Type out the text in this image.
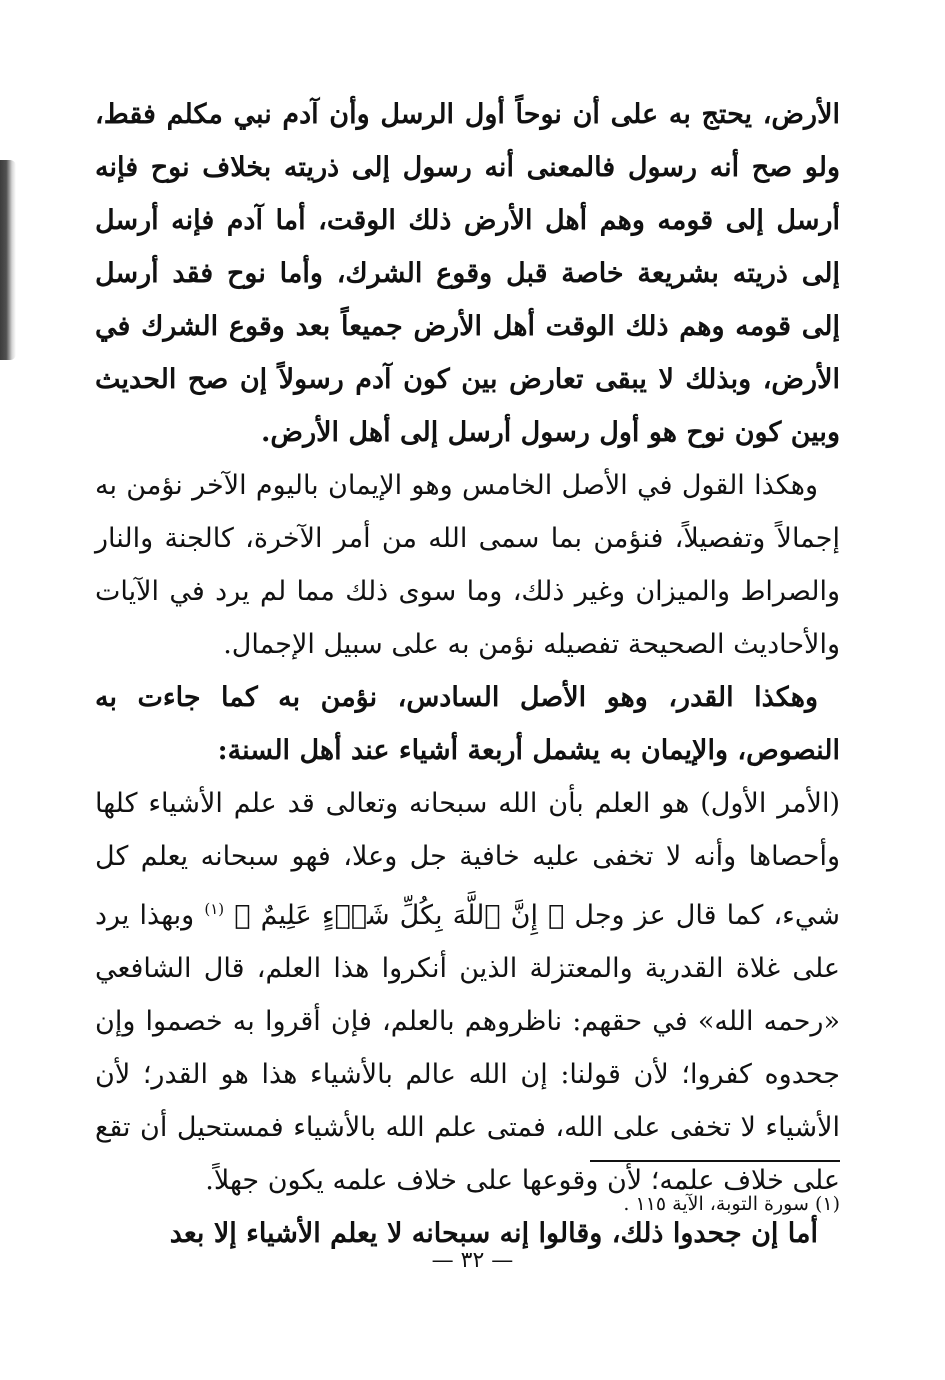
الأرض، يحتج به على أن نوحاً أول الرسل وأن آدم نبي مكلم فقط، ولو صح أنه رسول فالمعنى أنه رسول إلى ذريته بخلاف نوح فإنه أرسل إلى قومه وهم أهل الأرض ذلك الوقت، أما آدم فإنه أرسل إلى ذريته بشريعة خاصة قبل وقوع الشرك، وأما نوح فقد أرسل إلى قومه وهم ذلك الوقت أهل الأرض جميعاً بعد وقوع الشرك في الأرض، وبذلك لا يبقى تعارض بين كون آدم رسولاً إن صح الحديث وبين كون نوح هو أول رسول أرسل إلى أهل الأرض.

وهكذا القول في الأصل الخامس وهو الإيمان باليوم الآخر نؤمن به إجمالاً وتفصيلاً، فنؤمن بما سمى الله من أمر الآخرة، كالجنة والنار والصراط والميزان وغير ذلك، وما سوى ذلك مما لم يرد في الآيات والأحاديث الصحيحة تفصيله نؤمن به على سبيل الإجمال.

وهكذا القدر، وهو الأصل السادس، نؤمن به كما جاءت به النصوص، والإيمان به يشمل أربعة أشياء عند أهل السنة:

(الأمر الأول) هو العلم بأن الله سبحانه وتعالى قد علم الأشياء كلها وأحصاها وأنه لا تخفى عليه خافية جل وعلا، فهو سبحانه يعلم كل شيء، كما قال عز وجل ﴿ إِنَّ ٱللَّهَ بِكُلِّ شَيۡءٍ عَلِيمٌ ﴾ $^{(١)}$ وبهذا يرد على غلاة القدرية والمعتزلة الذين أنكروا هذا العلم، قال الشافعي «رحمه الله» في حقهم: ناظروهم بالعلم، فإن أقروا به خصموا وإن جحدوه كفروا؛ لأن قولنا: إن الله عالم بالأشياء هذا هو القدر؛ لأن الأشياء لا تخفى على الله، فمتى علم الله بالأشياء فمستحيل أن تقع على خلاف علمه؛ لأن وقوعها على خلاف علمه يكون جهلاً.

أما إن جحدوا ذلك، وقالوا إنه سبحانه لا يعلم الأشياء إلا بعد

(١) سورة التوبة، الآية ١١٥ .
— ٣٢ —
